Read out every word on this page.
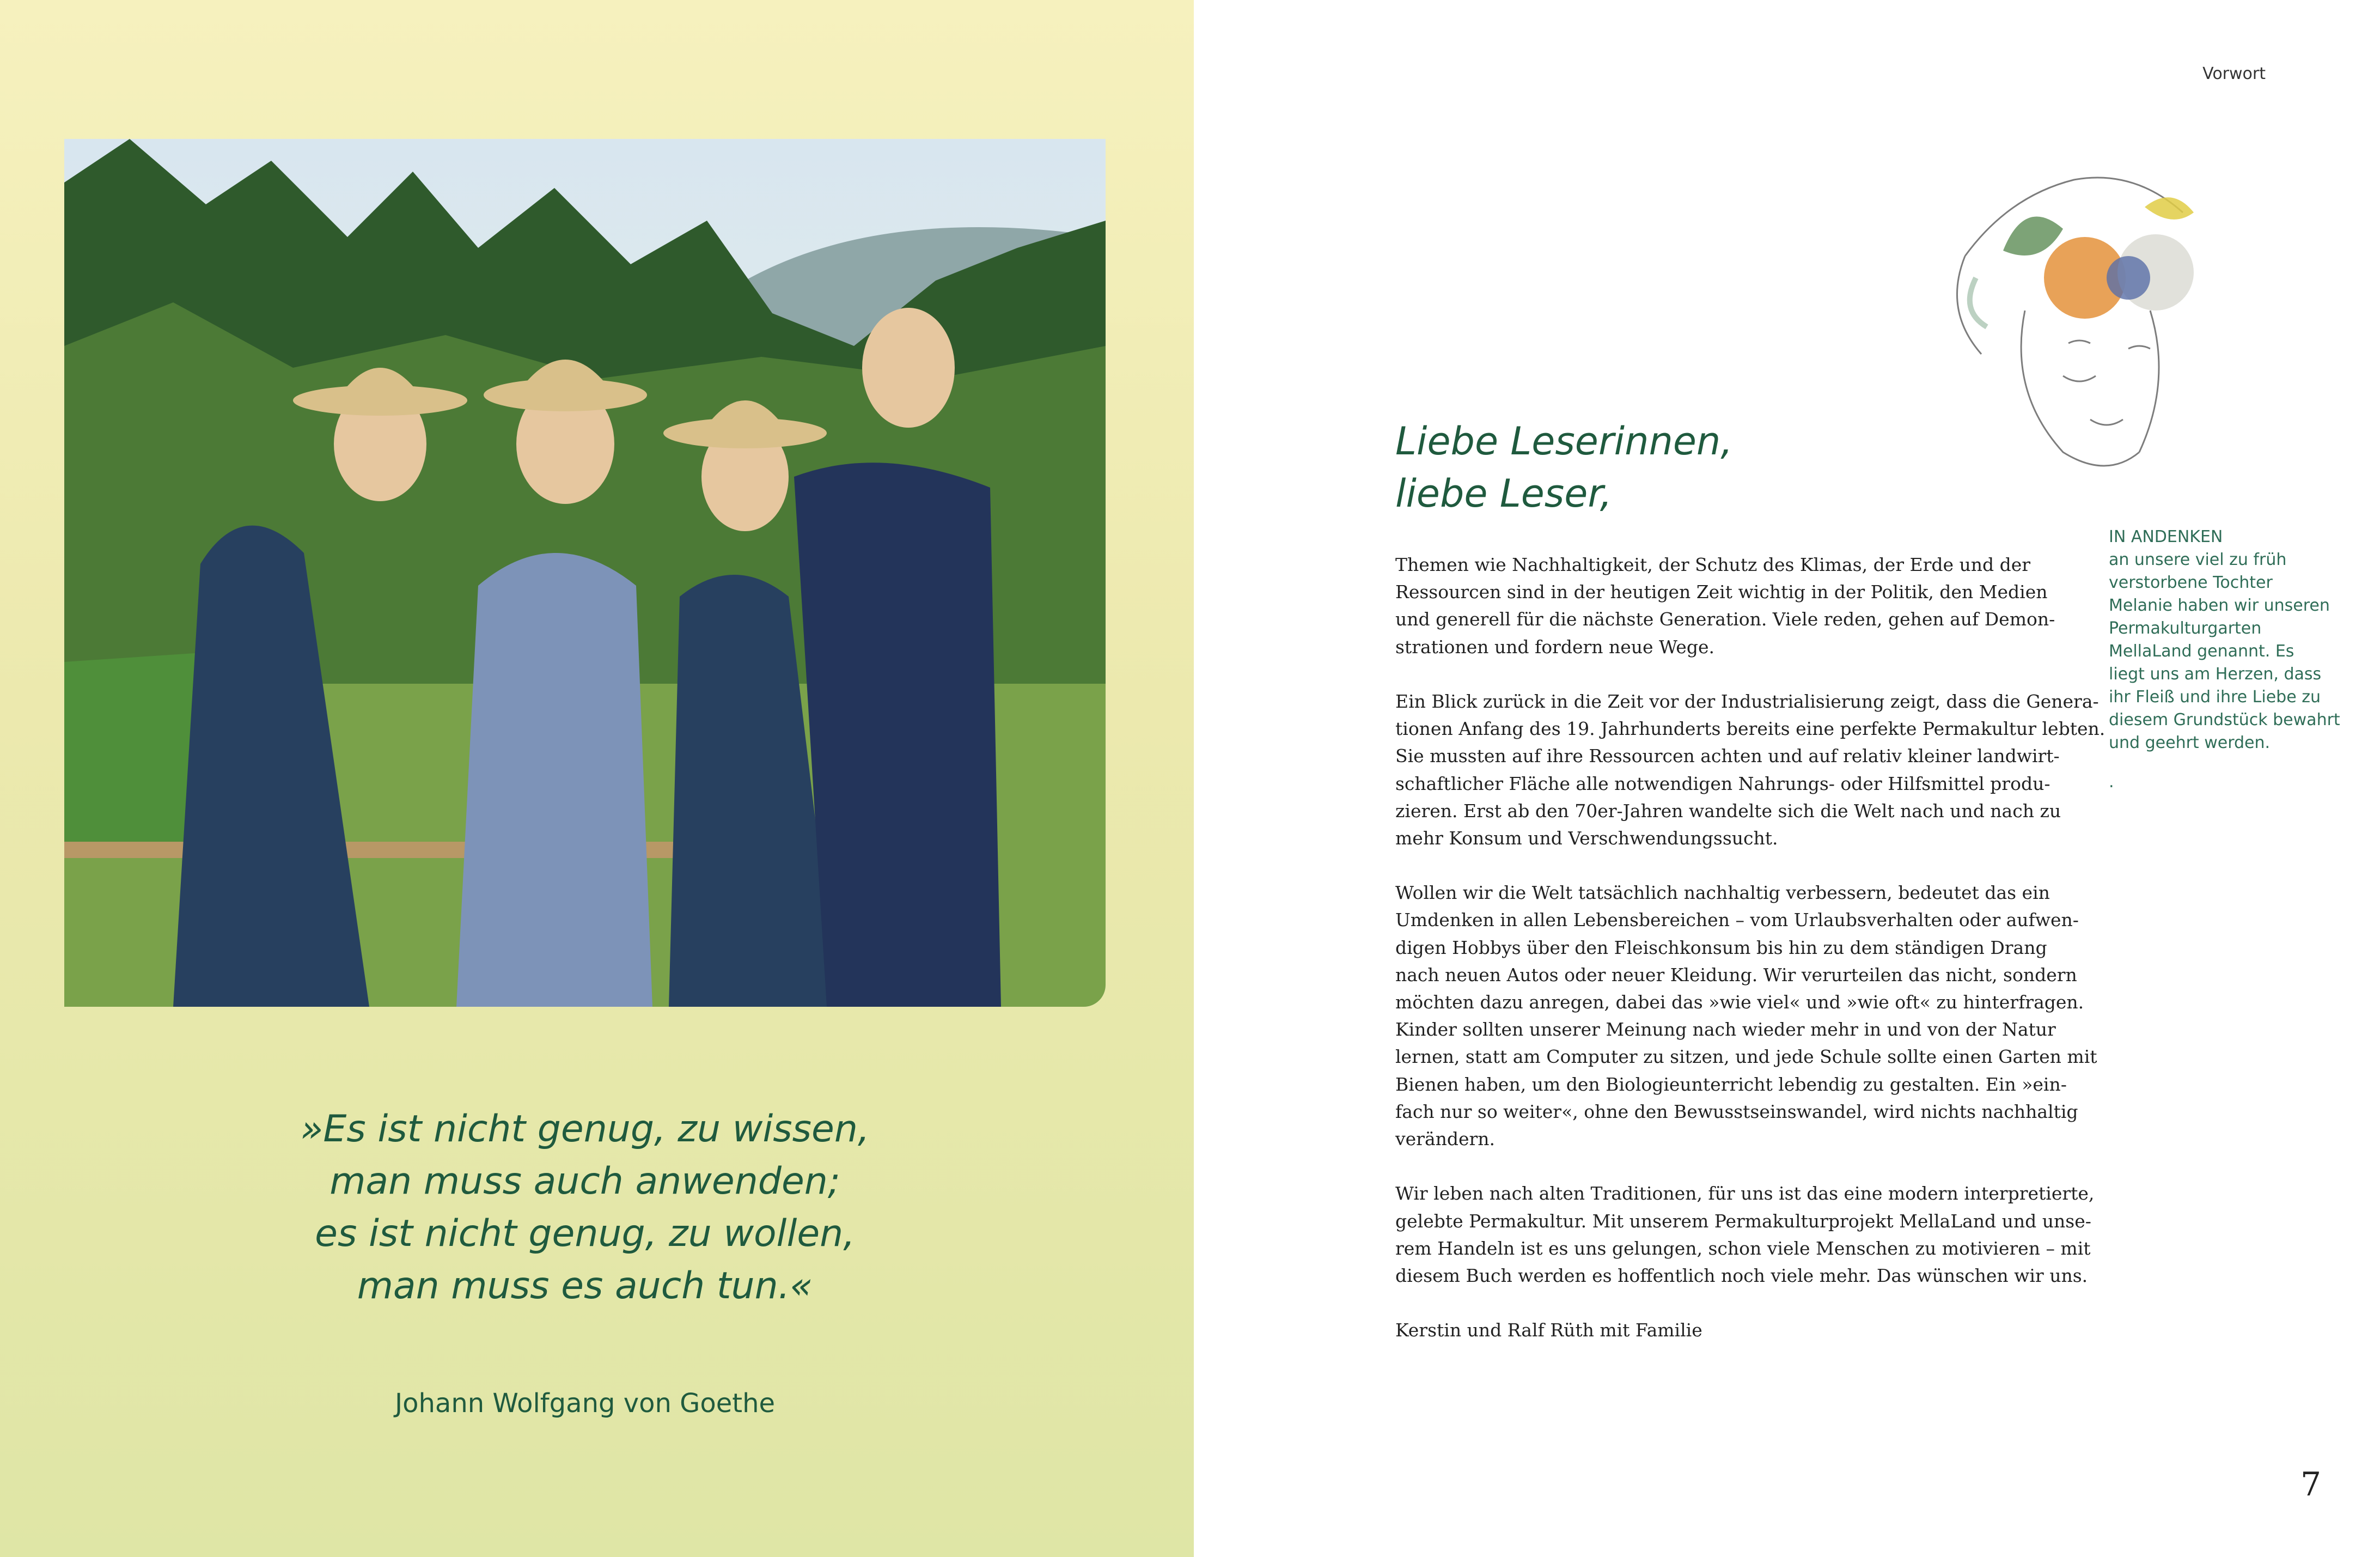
»Es ist nicht genug, zu wissen,
man muss auch anwenden;
es ist nicht genug, zu wollen,
man muss es auch tun.«
Johann Wolfgang von Goethe
Vorwort
Liebe Leserinnen,
liebe Leser,
Themen wie Nachhaltigkeit, der Schutz des Klimas, der Erde und der
Ressourcen sind in der heutigen Zeit wichtig in der Politik, den Medien
und generell für die nächste Generation. Viele reden, gehen auf Demon-
strationen und fordern neue Wege.
Ein Blick zurück in die Zeit vor der Industrialisierung zeigt, dass die Genera-
tionen Anfang des 19. Jahrhunderts bereits eine perfekte Permakultur lebten.
Sie mussten auf ihre Ressourcen achten und auf relativ kleiner landwirt-
schaftlicher Fläche alle notwendigen Nahrungs- oder Hilfsmittel produ-
zieren. Erst ab den 70er-Jahren wandelte sich die Welt nach und nach zu
mehr Konsum und Verschwendungssucht.
Wollen wir die Welt tatsächlich nachhaltig verbessern, bedeutet das ein
Umdenken in allen Lebensbereichen – vom Urlaubsverhalten oder aufwen-
digen Hobbys über den Fleischkonsum bis hin zu dem ständigen Drang
nach neuen Autos oder neuer Kleidung. Wir verurteilen das nicht, sondern
möchten dazu anregen, dabei das »wie viel« und »wie oft« zu hinterfragen.
Kinder sollten unserer Meinung nach wieder mehr in und von der Natur
lernen, statt am Computer zu sitzen, und jede Schule sollte einen Garten mit
Bienen haben, um den Biologieunterricht lebendig zu gestalten. Ein »ein-
fach nur so weiter«, ohne den Bewusstseinswandel, wird nichts nachhaltig
verändern.
Wir leben nach alten Traditionen, für uns ist das eine modern interpretierte,
gelebte Permakultur. Mit unserem Permakulturprojekt MellaLand und unse-
rem Handeln ist es uns gelungen, schon viele Menschen zu motivieren – mit
diesem Buch werden es hoffentlich noch viele mehr. Das wünschen wir uns.
Kerstin und Ralf Rüth mit Familie
IN ANDENKEN
an unsere viel zu früh
verstorbene Tochter
Melanie haben wir unseren
Permakulturgarten
MellaLand genannt. Es
liegt uns am Herzen, dass
ihr Fleiß und ihre Liebe zu
diesem Grundstück bewahrt
und geehrt werden.
.
7
